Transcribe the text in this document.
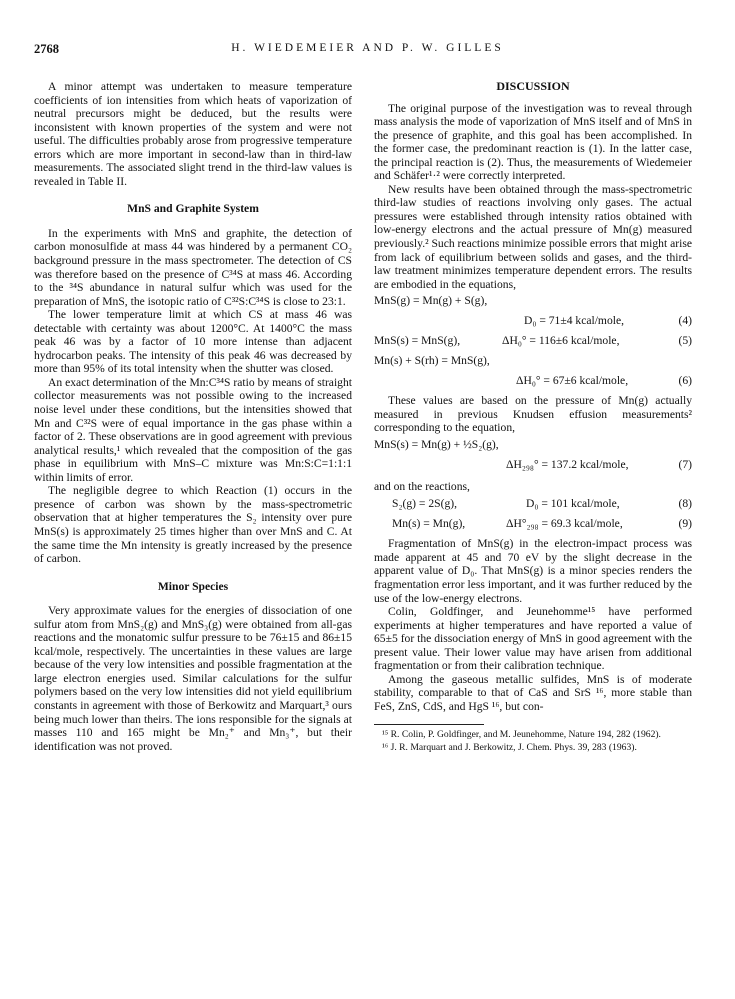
2768	H. WIEDEMEIER AND P. W. GILLES

A minor attempt was undertaken to measure temperature coefficients of ion intensities from which heats of vaporization of neutral precursors might be deduced, but the results were inconsistent with known properties of the system and were not useful. The difficulties probably arose from progressive temperature errors which are more important in second-law than in third-law measurements. The associated slight trend in the third-law values is revealed in Table II.

MnS and Graphite System

In the experiments with MnS and graphite, the detection of carbon monosulfide at mass 44 was hindered by a permanent CO₂ background pressure in the mass spectrometer. The detection of CS was therefore based on the presence of C³⁴S at mass 46. According to the ³⁴S abundance in natural sulfur which was used for the preparation of MnS, the isotopic ratio of C³²S:C³⁴S is close to 23:1.

The lower temperature limit at which CS at mass 46 was detectable with certainty was about 1200°C. At 1400°C the mass peak 46 was by a factor of 10 more intense than adjacent hydrocarbon peaks. The intensity of this peak 46 was decreased by more than 95% of its total intensity when the shutter was closed.

An exact determination of the Mn:C³⁴S ratio by means of straight collector measurements was not possible owing to the increased noise level under these conditions, but the intensities showed that Mn and C³²S were of equal importance in the gas phase within a factor of 2. These observations are in good agreement with previous analytical results,¹ which revealed that the composition of the gas phase in equilibrium with MnS–C mixture was Mn:S:C=1:1:1 within limits of error.

The negligible degree to which Reaction (1) occurs in the presence of carbon was shown by the mass-spectrometric observation that at higher temperatures the S₂ intensity over pure MnS(s) is approximately 25 times higher than over MnS and C. At the same time the Mn intensity is greatly increased by the presence of carbon.

Minor Species

Very approximate values for the energies of dissociation of one sulfur atom from MnS₂(g) and MnS₃(g) were obtained from all-gas reactions and the monatomic sulfur pressure to be 76±15 and 86±15 kcal/mole, respectively. The uncertainties in these values are large because of the very low intensities and possible fragmentation at the large electron energies used. Similar calculations for the sulfur polymers based on the very low intensities did not yield equilibrium constants in agreement with those of Berkowitz and Marquart,³ ours being much lower than theirs. The ions responsible for the signals at masses 110 and 165 might be Mn₂⁺ and Mn₃⁺, but their identification was not proved.

DISCUSSION

The original purpose of the investigation was to reveal through mass analysis the mode of vaporization of MnS itself and of MnS in the presence of graphite, and this goal has been accomplished. In the former case, the predominant reaction is (1). In the latter case, the principal reaction is (2). Thus, the measurements of Wiedemeier and Schäfer¹·² were correctly interpreted.

New results have been obtained through the mass-spectrometric third-law studies of reactions involving only gases. The actual pressures were established through intensity ratios obtained with low-energy electrons and the actual pressure of Mn(g) measured previously.² Such reactions minimize possible errors that might arise from lack of equilibrium between solids and gases, and the third-law treatment minimizes temperature dependent errors. The results are embodied in the equations,

MnS(g) = Mn(g) + S(g),
D₀ = 71±4 kcal/mole,	(4)
MnS(s) = MnS(g),	ΔH₀° = 116±6 kcal/mole,	(5)
Mn(s) + S(rh) = MnS(g),
ΔH₀° = 67±6 kcal/mole,	(6)

These values are based on the pressure of Mn(g) actually measured in previous Knudsen effusion measurements² corresponding to the equation,

MnS(s) = Mn(g) + ½S₂(g),
ΔH₂₉₈° = 137.2 kcal/mole,	(7)
and on the reactions,
S₂(g) = 2S(g),	D₀ = 101 kcal/mole,	(8)
Mn(s) = Mn(g),	ΔH°₂₉₈ = 69.3 kcal/mole,	(9)

Fragmentation of MnS(g) in the electron-impact process was made apparent at 45 and 70 eV by the slight decrease in the apparent value of D₀. That MnS(g) is a minor species renders the fragmentation error less important, and it was further reduced by the use of the low-energy electrons.

Colin, Goldfinger, and Jeunehomme¹⁵ have performed experiments at higher temperatures and have reported a value of 65±5 for the dissociation energy of MnS in good agreement with the present value. Their lower value may have arisen from additional fragmentation or from their calibration technique.

Among the gaseous metallic sulfides, MnS is of moderate stability, comparable to that of CaS and SrS ¹⁶, more stable than FeS, ZnS, CdS, and HgS ¹⁶, but con-

¹⁵ R. Colin, P. Goldfinger, and M. Jeunehomme, Nature 194, 282 (1962).

¹⁶ J. R. Marquart and J. Berkowitz, J. Chem. Phys. 39, 283 (1963).
